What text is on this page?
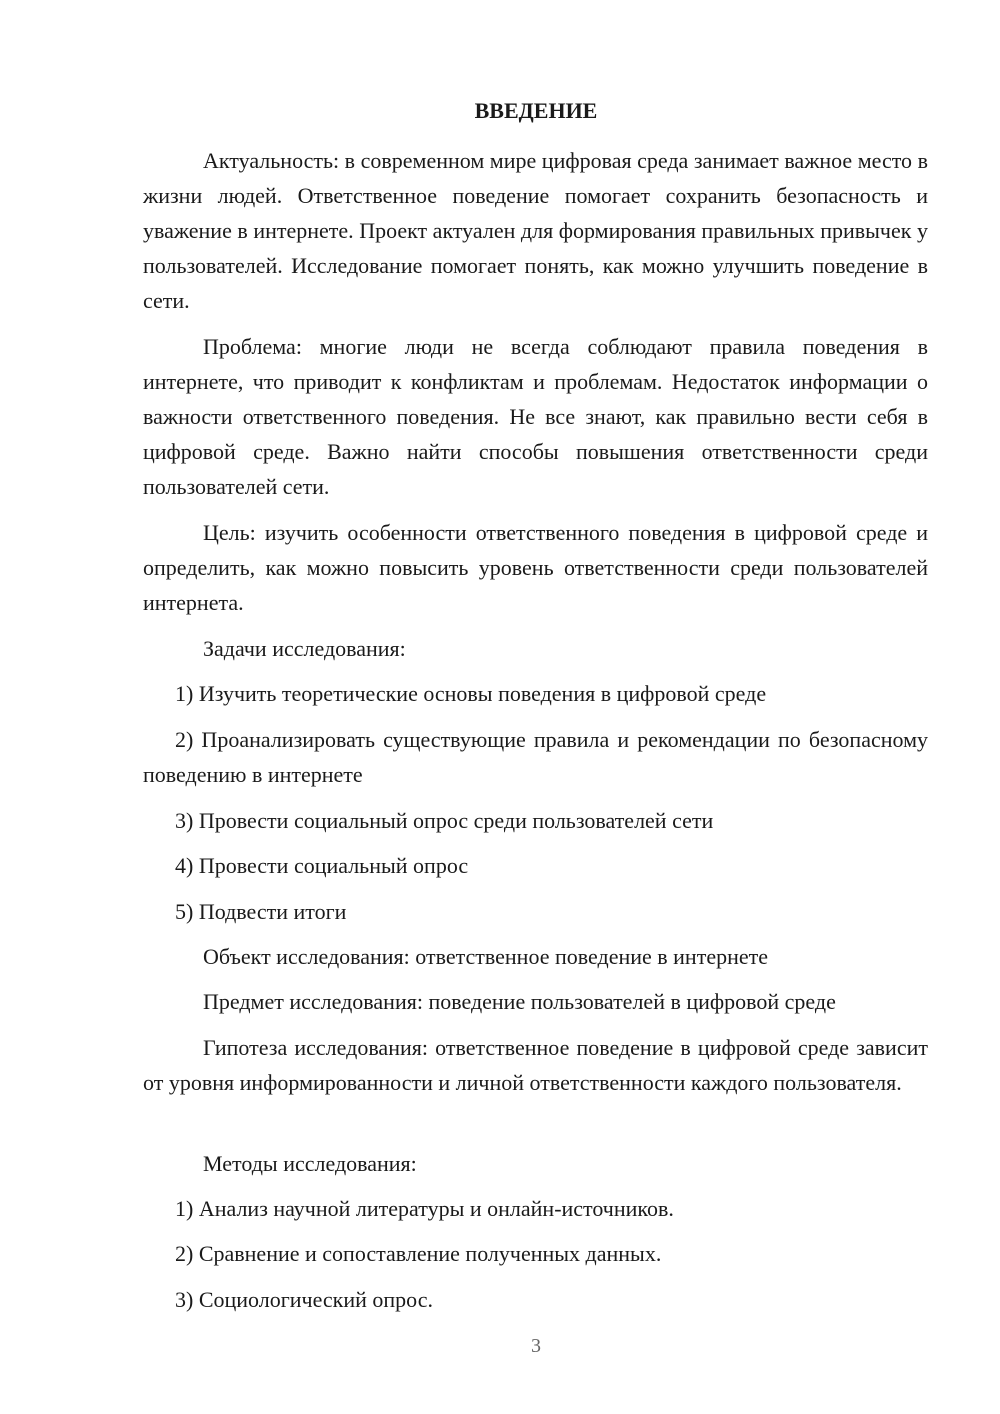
ВВЕДЕНИЕ

Актуальность: в современном мире цифровая среда занимает важное место в жизни людей. Ответственное поведение помогает сохранить безопасность и уважение в интернете. Проект актуален для формирования правильных привычек у пользователей. Исследование помогает понять, как можно улучшить поведение в сети.

Проблема: многие люди не всегда соблюдают правила поведения в интернете, что приводит к конфликтам и проблемам. Недостаток информации о важности ответственного поведения. Не все знают, как правильно вести себя в цифровой среде. Важно найти способы повышения ответственности среди пользователей сети.

Цель: изучить особенности ответственного поведения в цифровой среде и определить, как можно повысить уровень ответственности среди пользователей интернета.

Задачи исследования:

1) Изучить теоретические основы поведения в цифровой среде

2) Проанализировать существующие правила и рекомендации по безопасному поведению в интернете

3) Провести социальный опрос среди пользователей сети

4) Провести социальный опрос

5) Подвести итоги

Объект исследования: ответственное поведение в интернете

Предмет исследования: поведение пользователей в цифровой среде

Гипотеза исследования: ответственное поведение в цифровой среде зависит от уровня информированности и личной ответственности каждого пользователя.

Методы исследования:

1) Анализ научной литературы и онлайн-источников.

2) Сравнение и сопоставление полученных данных.

3) Социологический опрос.

3
